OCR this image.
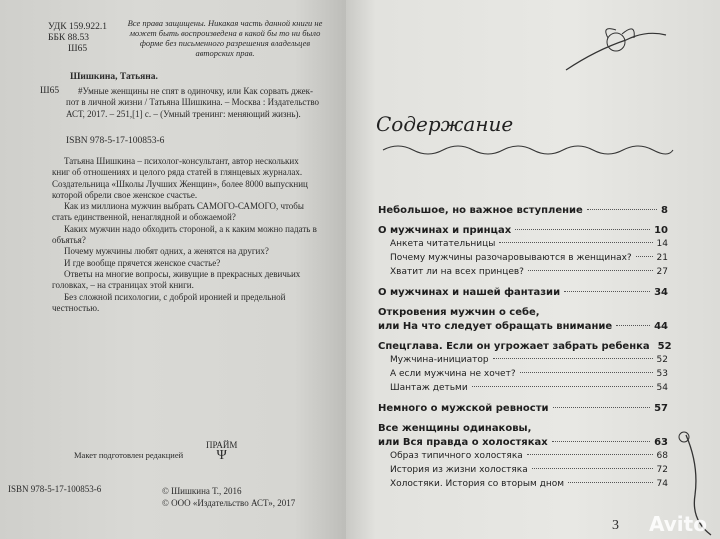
УДК 159.922.1
ББК 88.53
Ш65
Все права защищены. Никакая часть данной книги не может быть воспроизведена в какой бы то ни было форме без письменного разрешения владельцев авторских прав.
Шишкина, Татьяна.
Ш65	#Умные женщины не спят в одиночку, или Как сорвать джек-пот в личной жизни / Татьяна Шишкина. – Москва : Издательство АСТ, 2017. – 251,[1] с. – (Умный тренинг: меняющий жизнь).
ISBN 978-5-17-100853-6

Татьяна Шишкина – психолог-консультант, автор нескольких книг об отношениях и целого ряда статей в глянцевых журналах. Создательница «Школы Лучших Женщин», более 8000 выпускниц которой обрели свое женское счастье.

Как из миллиона мужчин выбрать САМОГО-САМОГО, чтобы стать единственной, ненаглядной и обожаемой?

Каких мужчин надо обходить стороной, а к каким можно падать в объятья?

Почему мужчины любят одних, а женятся на других?

И где вообще прячется женское счастье?

Ответы на многие вопросы, живущие в прекрасных девичьих головках, – на страницах этой книги.

Без сложной психологии, с доброй иронией и предельной честностью.

Макет подготовлен редакцией
ПРАЙМ
Ψ
ISBN 978-5-17-100853-6	© Шишкина Т., 2016
© ООО «Издательство АСТ», 2017
Содержание
3 Avito
Небольшое, но важное вступление	8
О мужчинах и принцах	10
Анкета читательницы	14
Почему мужчины разочаровываются в женщинах?	21
Хватит ли на всех принцев?	27
О мужчинах и нашей фантазии	34
Откровения мужчин о себе,
или На что следует обращать внимание	44
Спецглава. Если он угрожает забрать ребенка 52
Мужчина-инициатор	52
А если мужчина не хочет?	53
Шантаж детьми	54
Немного о мужской ревности	57
Все женщины одинаковы,
или Вся правда о холостяках	63
Образ типичного холостяка	68
История из жизни холостяка	72
Холостяки. История со вторым дном	74
